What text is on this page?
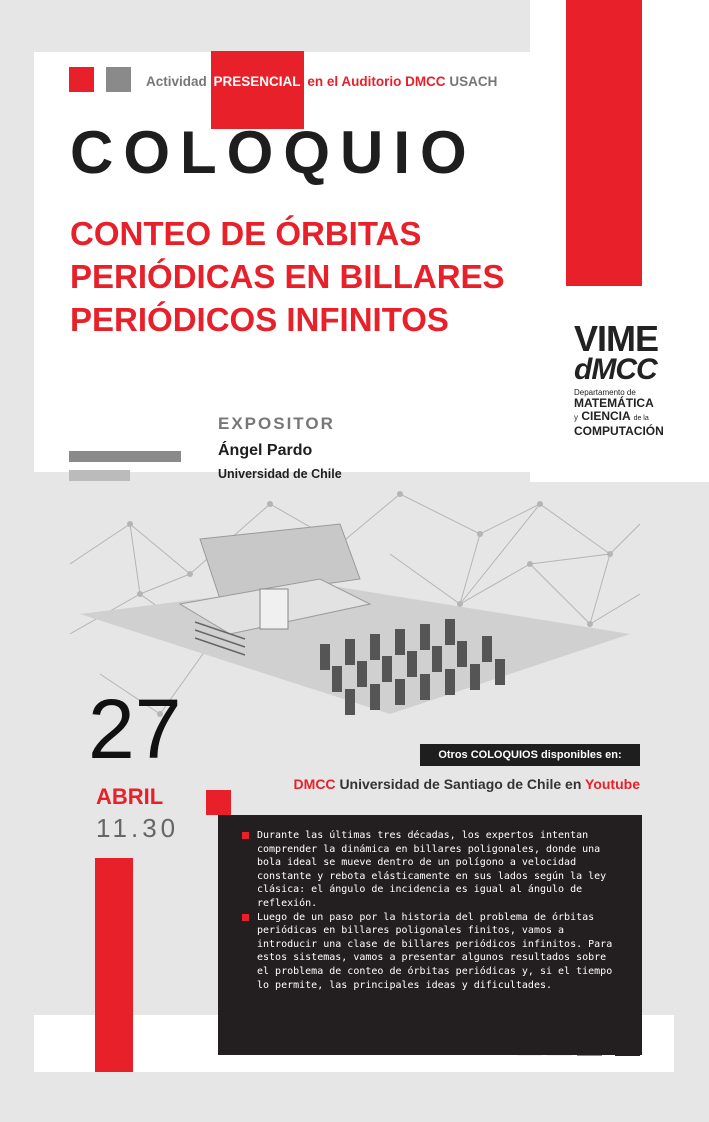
Actividad PRESENCIAL en el Auditorio DMCC USACH
COLOQUIO
CONTEO DE ÓRBITAS PERIÓDICAS EN BILLARES PERIÓDICOS INFINITOS
EXPOSITOR
Ángel Pardo
Universidad de Chile
VIME
dMCC
Departamento de
MATEMÁTICA
y CIENCIA de la
COMPUTACIÓN
27
ABRIL
11.30
Otros COLOQUIOS disponibles en:
DMCC Universidad de Santiago de Chile en Youtube
Durante las últimas tres décadas, los expertos intentan comprender la dinámica en billares poligonales, donde una bola ideal se mueve dentro de un polígono a velocidad constante y rebota elásticamente en sus lados según la ley clásica: el ángulo de incidencia es igual al ángulo de reflexión.
Luego de un paso por la historia del problema de órbitas periódicas en billares poligonales finitos, vamos a introducir una clase de billares periódicos infinitos. Para estos sistemas, vamos a presentar algunos resultados sobre el problema de conteo de órbitas periódicas y, si el tiempo lo permite, las principales ideas y dificultades.
